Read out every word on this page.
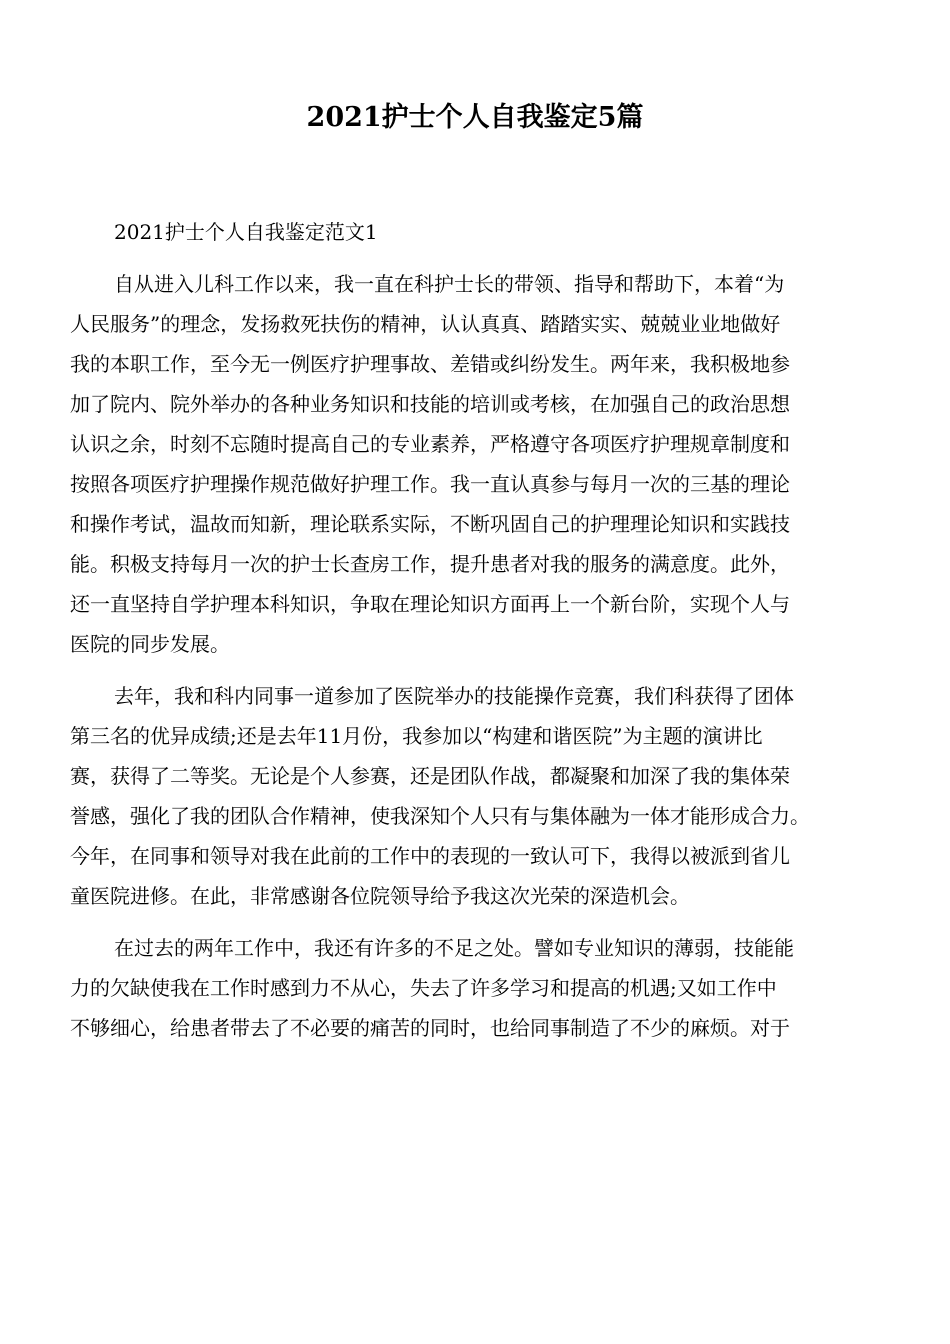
2021护士个人自我鉴定5篇

2021护士个人自我鉴定范文1

自从进入儿科工作以来，我一直在科护士长的带领、指导和帮助下，本着“为
人民服务”的理念，发扬救死扶伤的精神，认认真真、踏踏实实、兢兢业业地做好
我的本职工作，至今无一例医疗护理事故、差错或纠纷发生。两年来，我积极地参
加了院内、院外举办的各种业务知识和技能的培训或考核，在加强自己的政治思想
认识之余，时刻不忘随时提高自己的专业素养，严格遵守各项医疗护理规章制度和
按照各项医疗护理操作规范做好护理工作。我一直认真参与每月一次的三基的理论
和操作考试，温故而知新，理论联系实际，不断巩固自己的护理理论知识和实践技
能。积极支持每月一次的护士长查房工作，提升患者对我的服务的满意度。此外，
还一直坚持自学护理本科知识，争取在理论知识方面再上一个新台阶，实现个人与
医院的同步发展。
去年，我和科内同事一道参加了医院举办的技能操作竞赛，我们科获得了团体
第三名的优异成绩;还是去年11月份，我参加以“构建和谐医院”为主题的演讲比
赛，获得了二等奖。无论是个人参赛，还是团队作战，都凝聚和加深了我的集体荣
誉感，强化了我的团队合作精神，使我深知个人只有与集体融为一体才能形成合力。
今年，在同事和领导对我在此前的工作中的表现的一致认可下，我得以被派到省儿
童医院进修。在此，非常感谢各位院领导给予我这次光荣的深造机会。
在过去的两年工作中，我还有许多的不足之处。譬如专业知识的薄弱，技能能
力的欠缺使我在工作时感到力不从心，失去了许多学习和提高的机遇;又如工作中
不够细心，给患者带去了不必要的痛苦的同时，也给同事制造了不少的麻烦。对于
